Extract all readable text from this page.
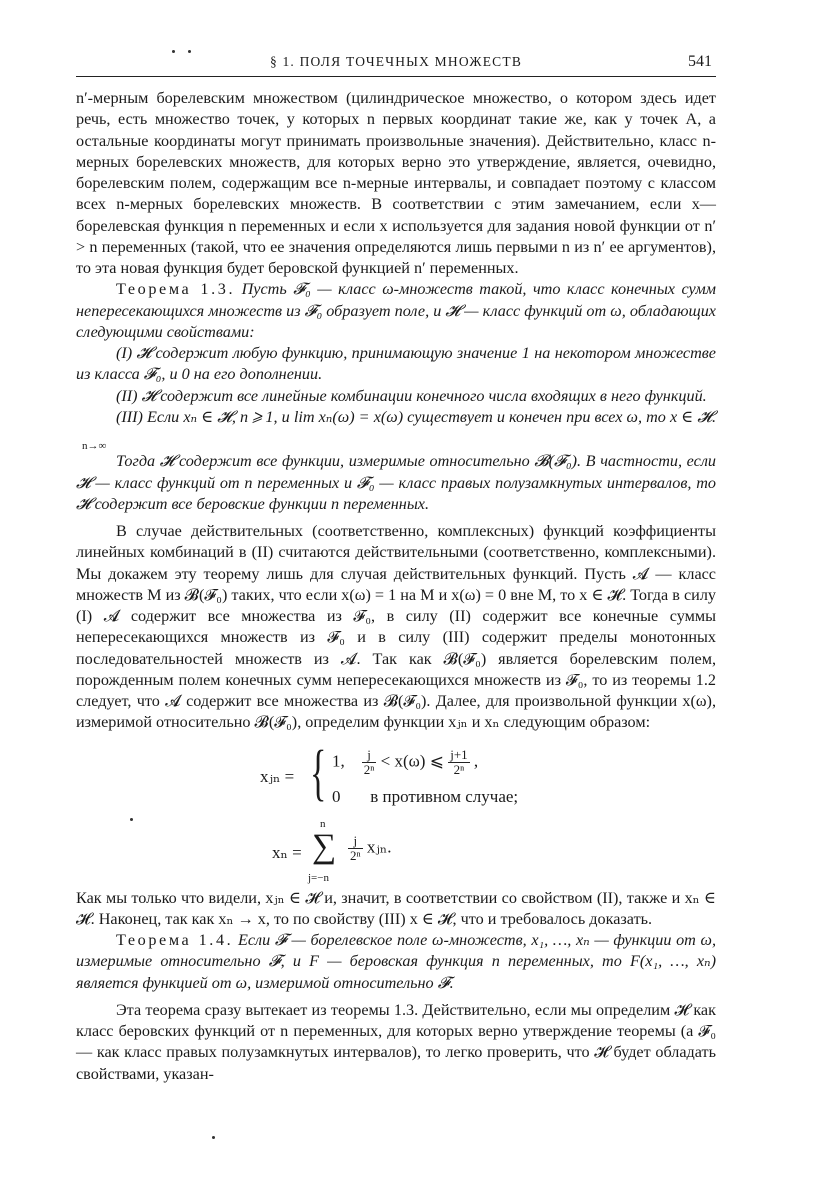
§ 1. ПОЛЯ ТОЧЕЧНЫХ МНОЖЕСТВ	541

n′-мерным борелевским множеством (цилиндрическое множество, о котором здесь идет речь, есть множество точек, у которых n первых координат такие же, как у точек A, а остальные координаты могут принимать произвольные значения). Действительно, класс n-мерных борелевских множеств, для которых верно это утверждение, является, очевидно, борелевским полем, содержащим все n-мерные интервалы, и совпадает поэтому с классом всех n-мерных борелевских множеств. В соответствии с этим замечанием, если x—борелевская функция n переменных и если x используется для задания новой функции от n′ > n переменных (такой, что ее значения определяются лишь первыми n из n′ ее аргументов), то эта новая функция будет беровской функцией n′ переменных.

Теорема 1.3. Пусть 𝓕₀ — класс ω-множеств такой, что класс конечных сумм непересекающихся множеств из 𝓕₀ образует поле, и 𝓗 — класс функций от ω, обладающих следующими свойствами:

(I) 𝓗 содержит любую функцию, принимающую значение 1 на некотором множестве из класса 𝓕₀, и 0 на его дополнении.

(II) 𝓗 содержит все линейные комбинации конечного числа входящих в него функций.

(III) Если xₙ ∈ 𝓗, n ⩾ 1, и lim xₙ(ω) = x(ω) существует и конечен при всех ω, то x ∈ 𝓗. $_{n\to\infty}$

Тогда 𝓗 содержит все функции, измеримые относительно 𝓑(𝓕₀). В частности, если 𝓗 — класс функций от n переменных и 𝓕₀ — класс правых полузамкнутых интервалов, то 𝓗 содержит все беровские функции n переменных.

В случае действительных (соответственно, комплексных) функций коэффициенты линейных комбинаций в (II) считаются действительными (соответственно, комплексными). Мы докажем эту теорему лишь для случая действительных функций. Пусть 𝓐 — класс множеств M из 𝓑(𝓕₀) таких, что если x(ω) = 1 на M и x(ω) = 0 вне M, то x ∈ 𝓗. Тогда в силу (I) 𝓐 содержит все множества из 𝓕₀, в силу (II) содержит все конечные суммы непересекающихся множеств из 𝓕₀ и в силу (III) содержит пределы монотонных последовательностей множеств из 𝓐. Так как 𝓑(𝓕₀) является борелевским полем, порожденным полем конечных сумм непересекающихся множеств из 𝓕₀, то из теоремы 1.2 следует, что 𝓐 содержит все множества из 𝓑(𝓕₀). Далее, для произвольной функции x(ω), измеримой относительно 𝓑(𝓕₀), определим функции xⱼₙ и xₙ следующим образом:

xⱼₙ = { 1, $\frac{j}{\text{2ⁿ}} < x(\omega)$ ⩽ $\frac{j+1}{\text{2ⁿ}}$ ,
0 в противном случае;
n
xₙ = ∑
j=−n
$\frac{j}{\text{2ⁿ}}$ xⱼₙ.

Как мы только что видели, xⱼₙ ∈ 𝓗 и, значит, в соответствии со свойством (II), также и xₙ ∈ 𝓗. Наконец, так как xₙ → x, то по свойству (III) x ∈ 𝓗, что и требовалось доказать.

Теорема 1.4. Если 𝓕 — борелевское поле ω-множеств, x₁, …, xₙ — функции от ω, измеримые относительно 𝓕, и F — беровская функция n переменных, то F(x₁, …, xₙ) является функцией от ω, измеримой относительно 𝓕.

Эта теорема сразу вытекает из теоремы 1.3. Действительно, если мы определим 𝓗 как класс беровских функций от n переменных, для которых верно утверждение теоремы (а 𝓕₀ — как класс правых полузамкнутых интервалов), то легко проверить, что 𝓗 будет обладать свойствами, указан-
